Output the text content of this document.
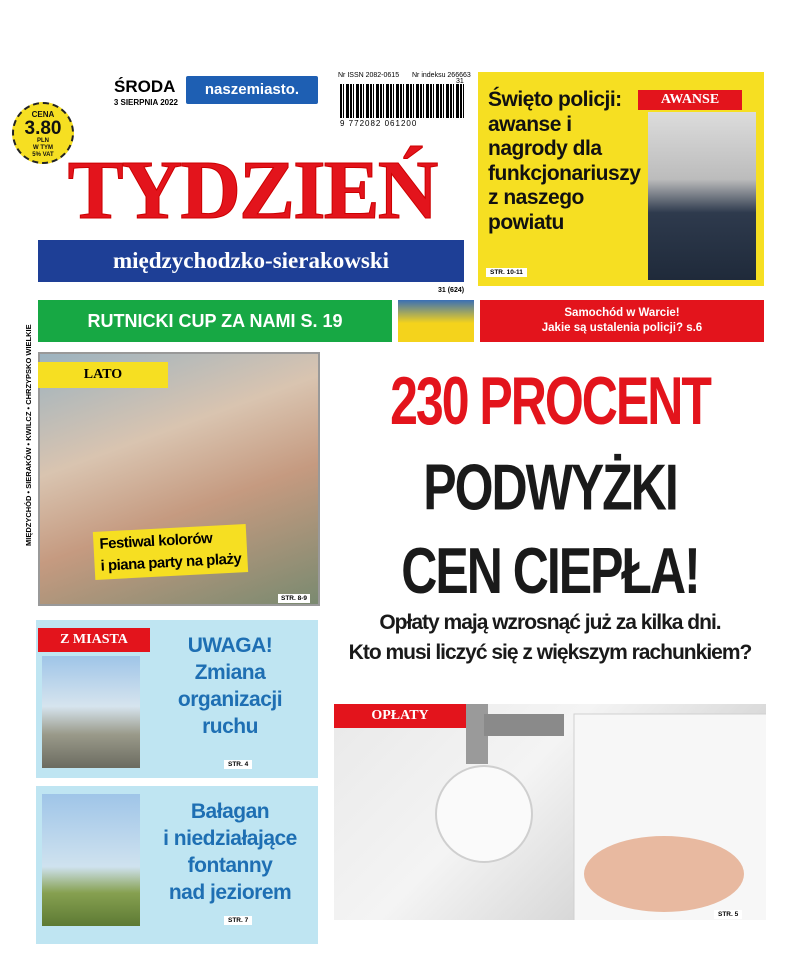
CENA
3.80
PLN
W TYM
5% VAT
ŚRODA
3 SIERPNIA 2022
naszemiasto.
Nr ISSN 2082-0615 Nr indeksu 266663
9 772082 061200
31
TYDZIEŃ
międzychodzko-sierakowski
31 (624)
MIĘDZYCHÓD • SIERAKÓW • KWILCZ • CHRZYPSKO WIELKIE
Święto policji: awanse i nagrody dla funkcjonariuszy z naszego powiatu
AWANSE
STR. 10-11
RUTNICKI CUP ZA NAMI S. 19	Samochód w Warcie!
Jakie są ustalenia policji? s.6
LATO
Festiwal kolorów
i piana party na plaży
STR. 8-9
Z MIASTA	UWAGA!
Zmiana
organizacji
ruchu
STR. 4
Bałagan
i niedziałające
fontanny
nad jeziorem
STR. 7
230 PROCENT
PODWYŻKI
CEN CIEPŁA!
Opłaty mają wzrosnąć już za kilka dni.
Kto musi liczyć się z większym rachunkiem?
OPŁATY
STR. 5
